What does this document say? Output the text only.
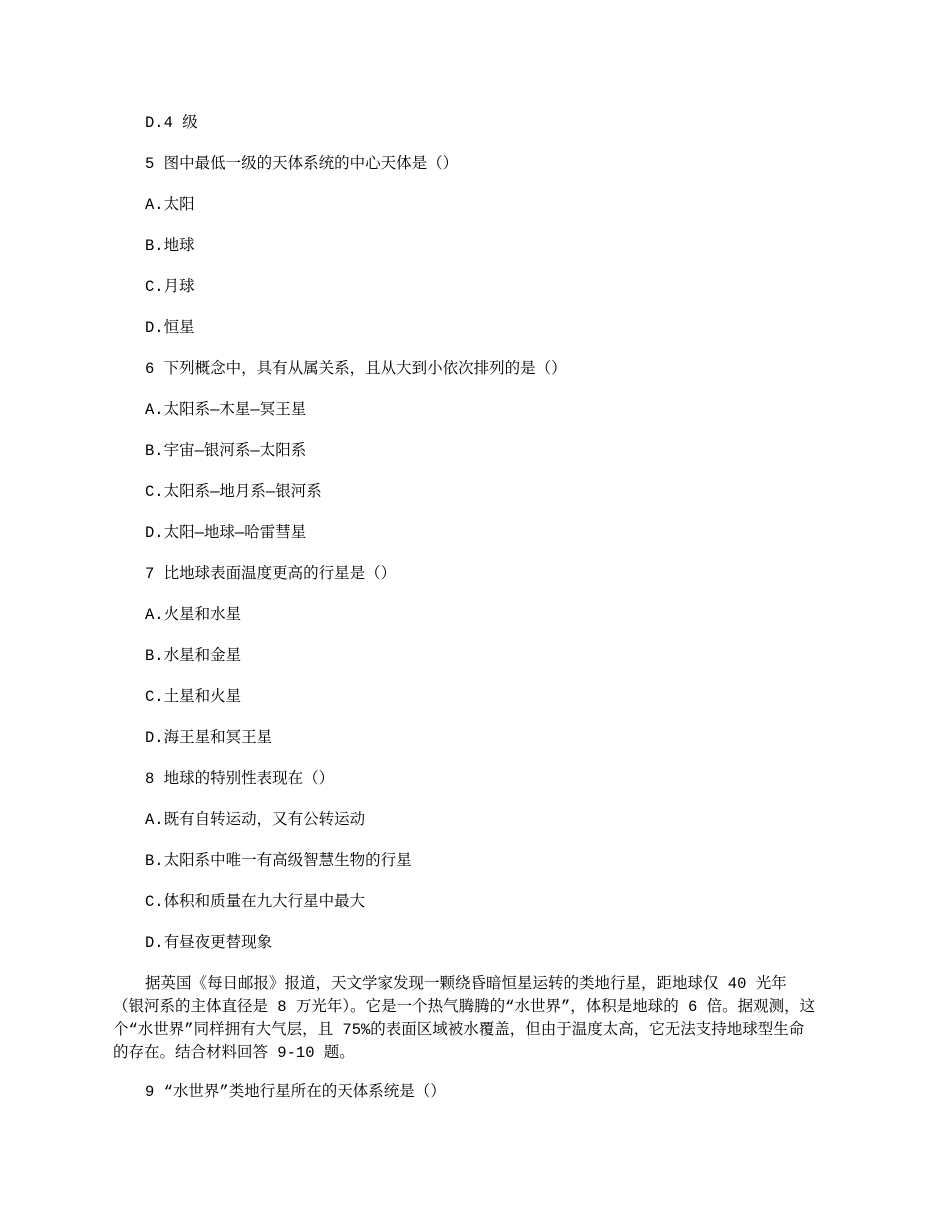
D.4 级
5 图中最低一级的天体系统的中心天体是（）
A.太阳
B.地球
C.月球
D.恒星
6 下列概念中，具有从属关系，且从大到小依次排列的是（）
A.太阳系—木星—冥王星
B.宇宙—银河系—太阳系
C.太阳系—地月系—银河系
D.太阳—地球—哈雷彗星
7 比地球表面温度更高的行星是（）
A.火星和水星
B.水星和金星
C.土星和火星
D.海王星和冥王星
8 地球的特别性表现在（）
A.既有自转运动，又有公转运动
B.太阳系中唯一有高级智慧生物的行星
C.体积和质量在九大行星中最大
D.有昼夜更替现象
据英国《每日邮报》报道，天文学家发现一颗绕昏暗恒星运转的类地行星，距地球仅 40 光年
（银河系的主体直径是 8 万光年）。它是一个热气腾腾的“水世界”，体积是地球的 6 倍。据观测，这
个“水世界”同样拥有大气层，且 75%的表面区域被水覆盖，但由于温度太高，它无法支持地球型生命
的存在。结合材料回答 9-10 题。
9 “水世界”类地行星所在的天体系统是（）
